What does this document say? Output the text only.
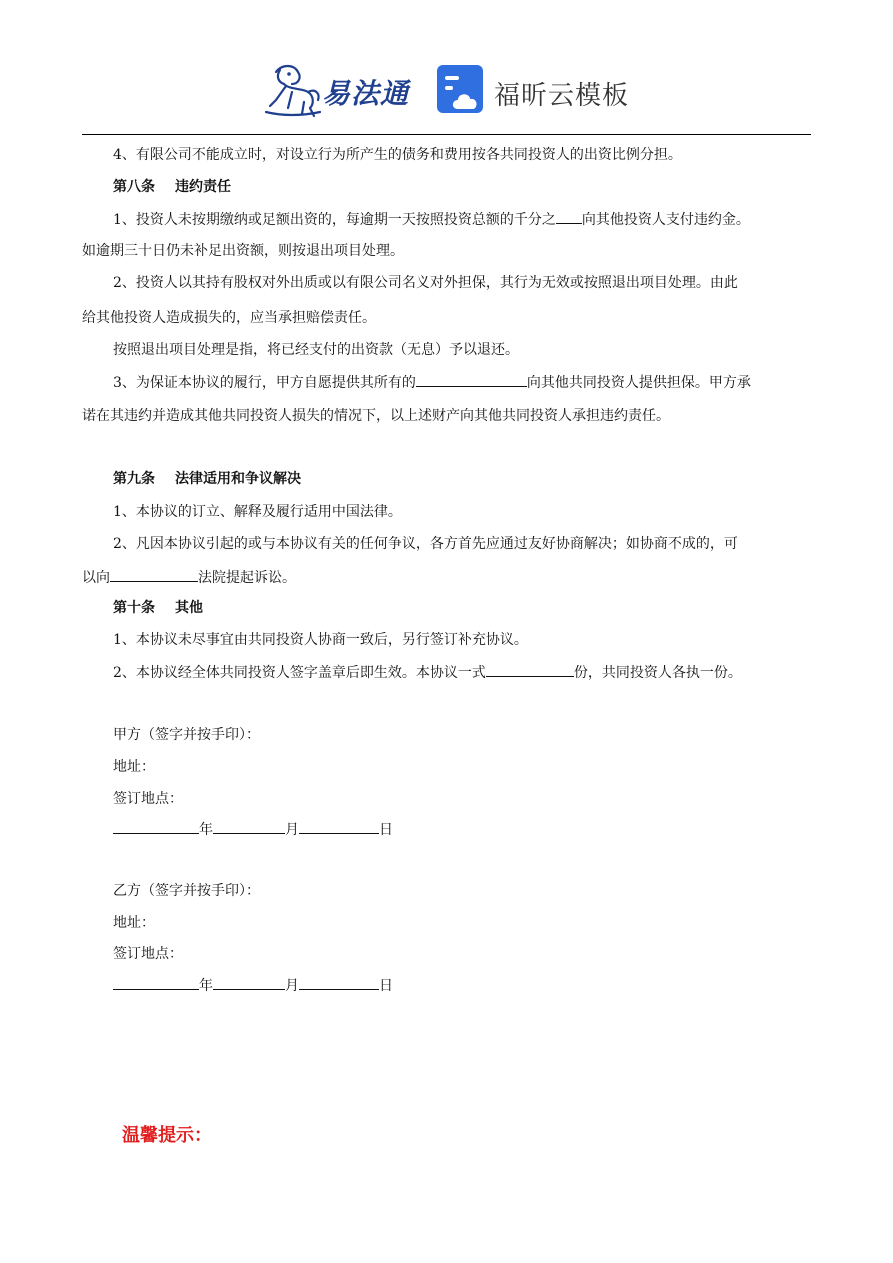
易法通	福昕云模板
4、有限公司不能成立时，对设立行为所产生的债务和费用按各共同投资人的出资比例分担。
第八条 违约责任
1、投资人未按期缴纳或足额出资的，每逾期一天按照投资总额的千分之 向其他投资人支付违约金。
如逾期三十日仍未补足出资额，则按退出项目处理。
2、投资人以其持有股权对外出质或以有限公司名义对外担保，其行为无效或按照退出项目处理。由此
给其他投资人造成损失的，应当承担赔偿责任。
按照退出项目处理是指，将已经支付的出资款（无息）予以退还。
3、为保证本协议的履行，甲方自愿提供其所有的	向其他共同投资人提供担保。甲方承
诺在其违约并造成其他共同投资人损失的情况下，以上述财产向其他共同投资人承担违约责任。
第九条 法律适用和争议解决
1、本协议的订立、解释及履行适用中国法律。
2、凡因本协议引起的或与本协议有关的任何争议，各方首先应通过友好协商解决；如协商不成的，可
以向	法院提起诉讼。
第十条 其他
1、本协议未尽事宜由共同投资人协商一致后，另行签订补充协议。
2、本协议经全体共同投资人签字盖章后即生效。本协议一式	份，共同投资人各执一份。
甲方（签字并按手印）：
地址：
签订地点：
年	月	日
乙方（签字并按手印）：
地址：
签订地点：
年	月	日
温馨提示：
